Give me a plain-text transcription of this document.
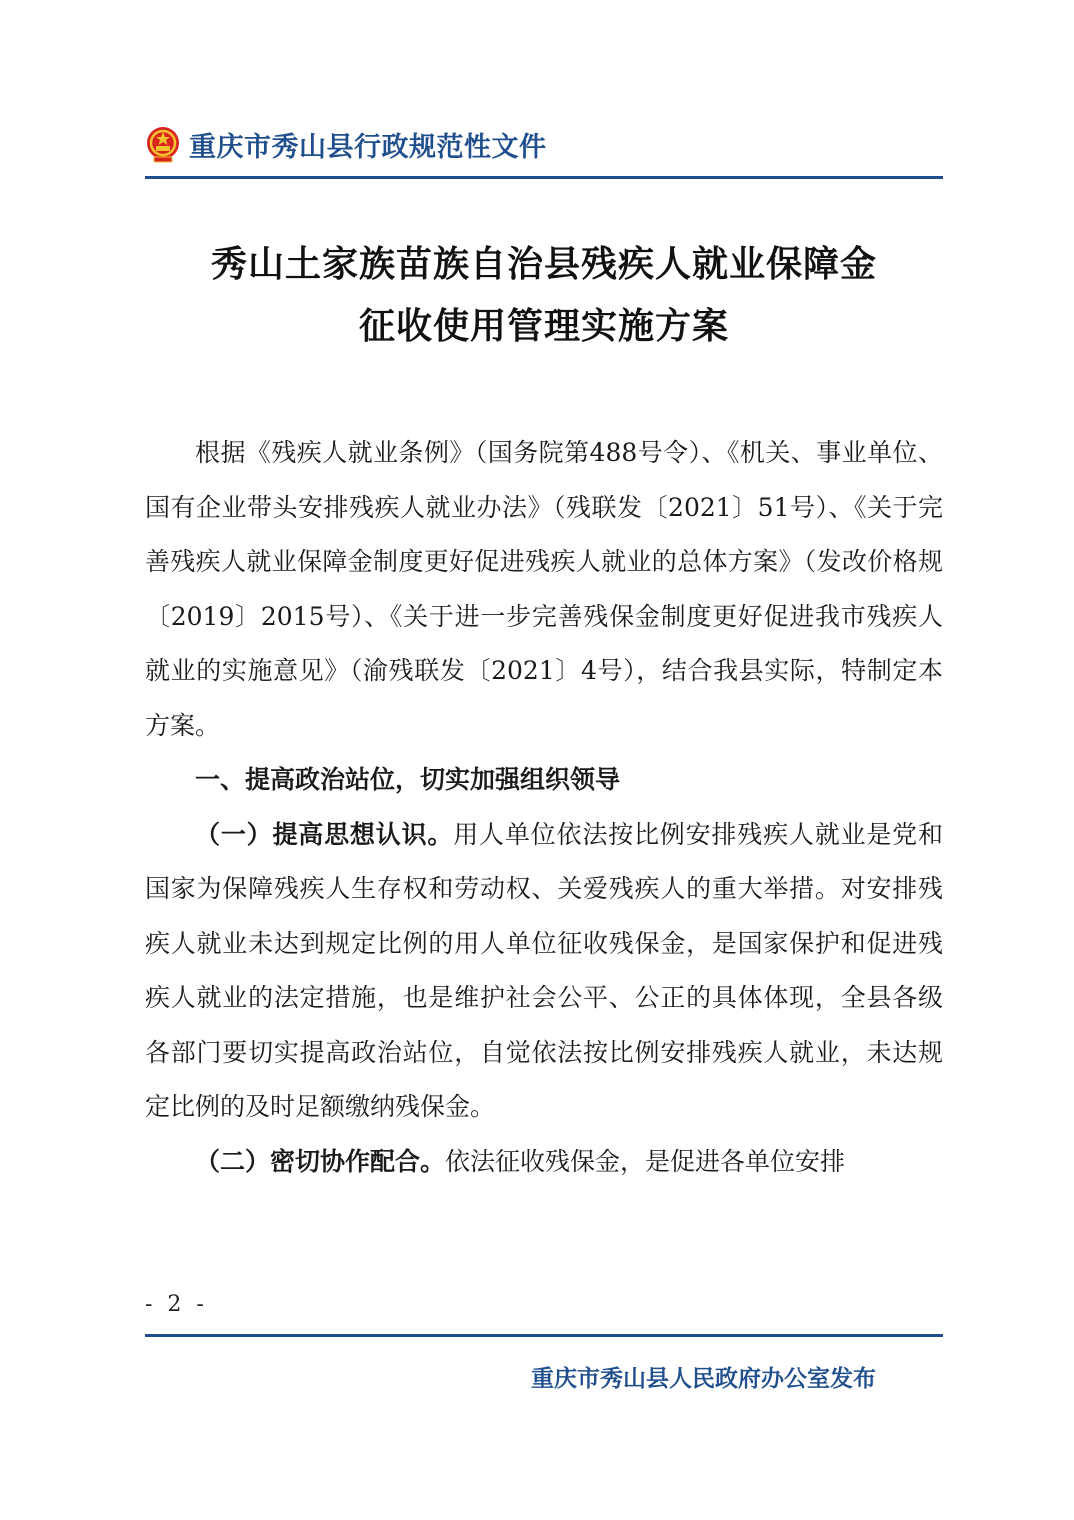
重庆市秀山县行政规范性文件
秀山土家族苗族自治县残疾人就业保障金
征收使用管理实施方案

根据《残疾人就业条例》（国务院第488号令）、《机关、事业单位、国有企业带头安排残疾人就业办法》（残联发〔2021〕51号）、《关于完善残疾人就业保障金制度更好促进残疾人就业的总体方案》（发改价格规〔2019〕2015号）、《关于进一步完善残保金制度更好促进我市残疾人就业的实施意见》（渝残联发〔2021〕4号），结合我县实际，特制定本方案。

一、提高政治站位，切实加强组织领导

（一）提高思想认识。用人单位依法按比例安排残疾人就业是党和国家为保障残疾人生存权和劳动权、关爱残疾人的重大举措。对安排残疾人就业未达到规定比例的用人单位征收残保金，是国家保护和促进残疾人就业的法定措施，也是维护社会公平、公正的具体体现，全县各级各部门要切实提高政治站位，自觉依法按比例安排残疾人就业，未达规定比例的及时足额缴纳残保金。

（二）密切协作配合。依法征收残保金，是促进各单位安排

- 2 -
重庆市秀山县人民政府办公室发布
